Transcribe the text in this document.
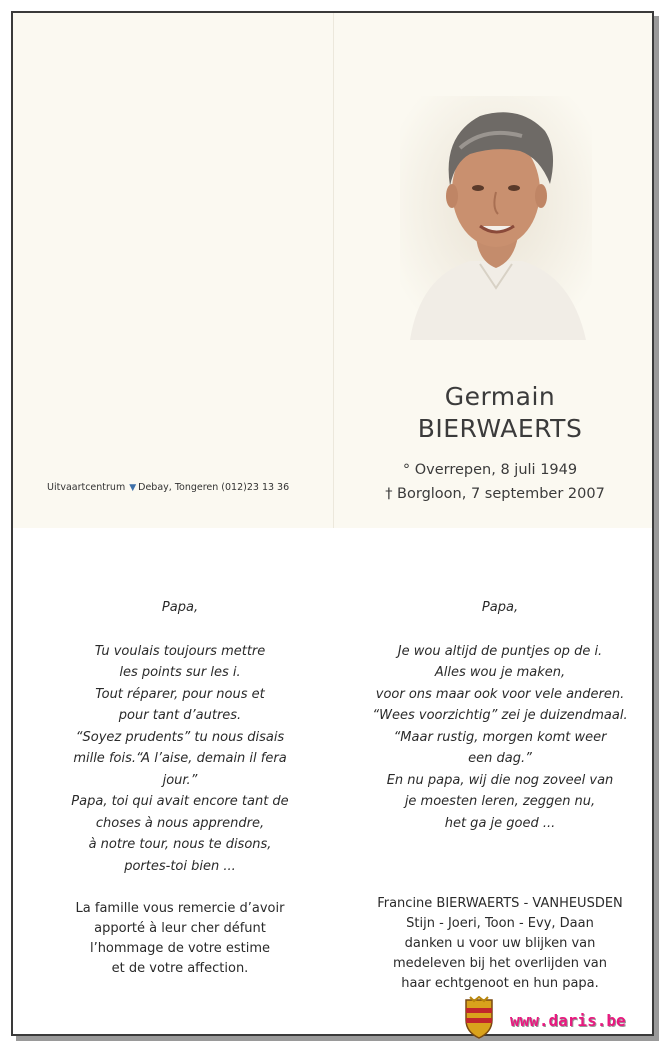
Germain
BIERWAERTS
° Overrepen, 8 juli 1949
† Borgloon, 7 september 2007
Uitvaartcentrum ▼ Debay, Tongeren (012)23 13 36
Papa,
Tu voulais toujours mettre
les points sur les i.
Tout réparer, pour nous et
pour tant d’autres.
“Soyez prudents” tu nous disais
mille fois.“A l’aise, demain il fera jour.”
Papa, toi qui avait encore tant de
choses à nous apprendre,
à notre tour, nous te disons,
portes-toi bien ...
Papa,
Je wou altijd de puntjes op de i.
Alles wou je maken,
voor ons maar ook voor vele anderen.
“Wees voorzichtig” zei je duizendmaal.
“Maar rustig, morgen komt weer
een dag.”
En nu papa, wij die nog zoveel van
je moesten leren, zeggen nu,
het ga je goed ...
La famille vous remercie d’avoir
apporté à leur cher défunt
l’hommage de votre estime
et de votre affection.
Francine BIERWAERTS - VANHEUSDEN
Stijn - Joeri, Toon - Evy, Daan
danken u voor uw blijken van
medeleven bij het overlijden van
haar echtgenoot en hun papa.
www.daris.be
